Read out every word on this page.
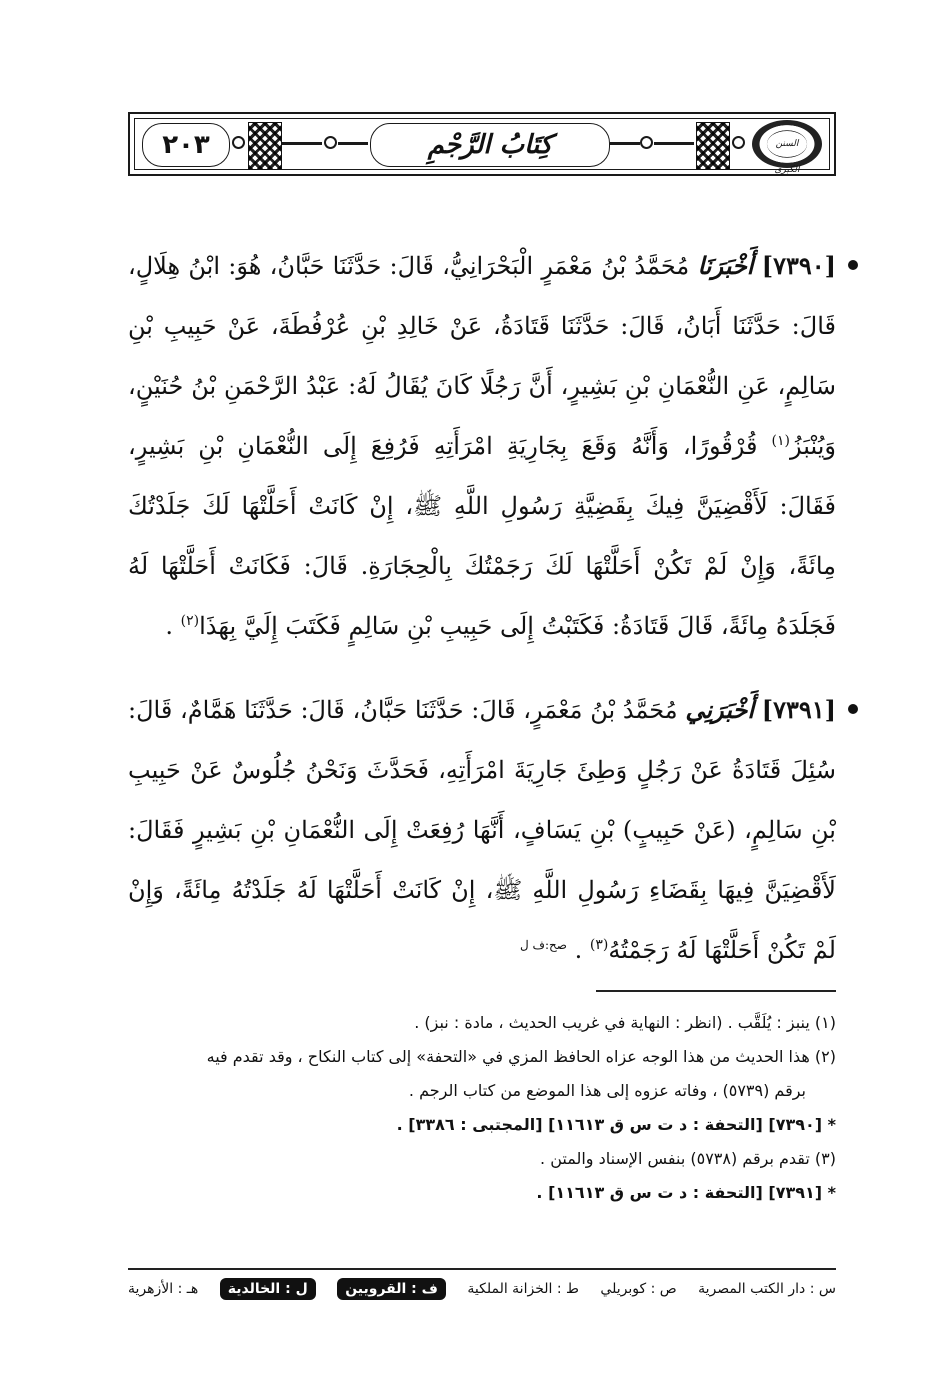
٢٠٣	كِتَابُ الرَّجْمِ	السنن الكبرى

[٧٣٩٠] أَخْبَرَنَا مُحَمَّدُ بْنُ مَعْمَرٍ الْبَحْرَانِيُّ، قَالَ: حَدَّثَنَا حَبَّانُ، هُوَ: ابْنُ هِلَالٍ، قَالَ: حَدَّثَنَا أَبَانُ، قَالَ: حَدَّثَنَا قَتَادَةُ، عَنْ خَالِدِ بْنِ عُرْفُطَةَ، عَنْ حَبِيبِ بْنِ سَالِمٍ، عَنِ النُّعْمَانِ بْنِ بَشِيرٍ، أَنَّ رَجُلًا كَانَ يُقَالُ لَهُ: عَبْدُ الرَّحْمَنِ بْنُ حُنَيْنٍ، وَيُنْبَزُ$^{(١)}$ قُرْقُورًا، وَأَنَّهُ وَقَعَ بِجَارِيَةِ امْرَأَتِهِ فَرُفِعَ إِلَى النُّعْمَانِ بْنِ بَشِيرٍ، فَقَالَ: لَأَقْضِيَنَّ فِيكَ بِقَضِيَّةِ رَسُولِ اللَّهِ ﷺ، إِنْ كَانَتْ أَحَلَّتْهَا لَكَ جَلَدْتُكَ مِائَةً، وَإِنْ لَمْ تَكُنْ أَحَلَّتْهَا لَكَ رَجَمْتُكَ بِالْحِجَارَةِ. قَالَ: فَكَانَتْ أَحَلَّتْهَا لَهُ فَجَلَدَهُ مِائَةً، قَالَ قَتَادَةُ: فَكَتَبْتُ إِلَى حَبِيبِ بْنِ سَالِمٍ فَكَتَبَ إِلَيَّ بِهَذَا$^{(٢)}$ .

[٧٣٩١] أَخْبَرَنِي مُحَمَّدُ بْنُ مَعْمَرٍ، قَالَ: حَدَّثَنَا حَبَّانُ، قَالَ: حَدَّثَنَا هَمَّامٌ، قَالَ: سُئِلَ قَتَادَةُ عَنْ رَجُلٍ وَطِئَ جَارِيَةَ امْرَأَتِهِ، فَحَدَّثَ وَنَحْنُ جُلُوسٌ عَنْ حَبِيبِ بْنِ سَالِمٍ، (عَنْ حَبِيبٍ) بْنِ يَسَافٍ، أَنَّهَا رُفِعَتْ إِلَى النُّعْمَانِ بْنِ بَشِيرٍ فَقَالَ: لَأَقْضِيَنَّ فِيهَا بِقَضَاءِ رَسُولِ اللَّهِ ﷺ، إِنْ كَانَتْ أَحَلَّتْهَا لَهُ جَلَدْتُهُ مِائَةً، وَإِنْ لَمْ تَكُنْ أَحَلَّتْهَا لَهُ رَجَمْتُهُ$^{(٣)}$ . $^{صح:ف ل}$

(١) ينبز : يُلَقَّب . (انظر : النهاية في غريب الحديث ، مادة : نبز) .
(٢) هذا الحديث من هذا الوجه عزاه الحافظ المزي في «التحفة» إلى كتاب النكاح ، وقد تقدم فيه
برقم (٥٧٣٩) ، وفاته عزوه إلى هذا الموضع من كتاب الرجم .
* [٧٣٩٠] [التحفة : د ت س ق ١١٦١٣] [المجتبى : ٣٣٨٦] .
(٣) تقدم برقم (٥٧٣٨) بنفس الإسناد والمتن .
* [٧٣٩١] [التحفة : د ت س ق ١١٦١٣] .
س : دار الكتب المصرية
ص : كوبريلي
ط : الخزانة الملكية
ف : القرويين
ل : الخالدية
هـ : الأزهرية
